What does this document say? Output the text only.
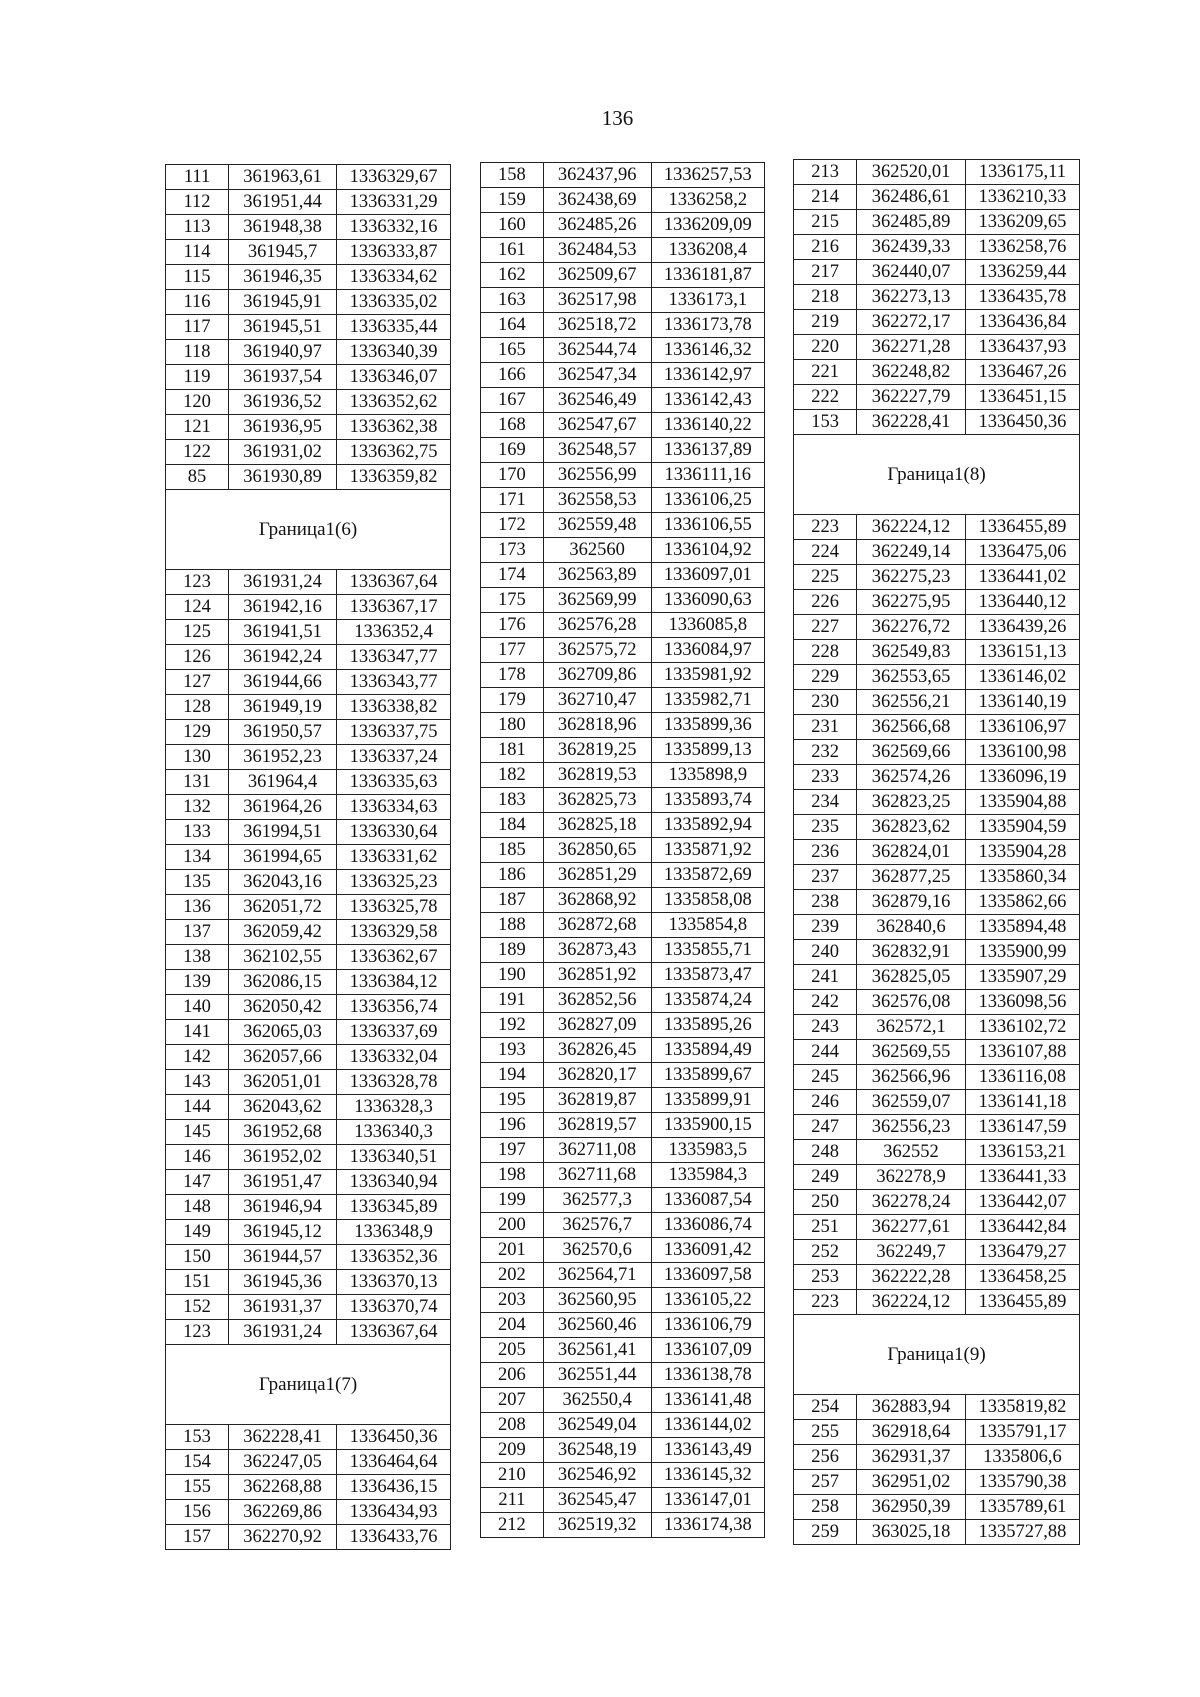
136
111	361963,61	1336329,67
112	361951,44	1336331,29
113	361948,38	1336332,16
114	361945,7	1336333,87
115	361946,35	1336334,62
116	361945,91	1336335,02
117	361945,51	1336335,44
118	361940,97	1336340,39
119	361937,54	1336346,07
120	361936,52	1336352,62
121	361936,95	1336362,38
122	361931,02	1336362,75
85	361930,89	1336359,82
Граница1(6)		
123	361931,24	1336367,64
124	361942,16	1336367,17
125	361941,51	1336352,4
126	361942,24	1336347,77
127	361944,66	1336343,77
128	361949,19	1336338,82
129	361950,57	1336337,75
130	361952,23	1336337,24
131	361964,4	1336335,63
132	361964,26	1336334,63
133	361994,51	1336330,64
134	361994,65	1336331,62
135	362043,16	1336325,23
136	362051,72	1336325,78
137	362059,42	1336329,58
138	362102,55	1336362,67
139	362086,15	1336384,12
140	362050,42	1336356,74
141	362065,03	1336337,69
142	362057,66	1336332,04
143	362051,01	1336328,78
144	362043,62	1336328,3
145	361952,68	1336340,3
146	361952,02	1336340,51
147	361951,47	1336340,94
148	361946,94	1336345,89
149	361945,12	1336348,9
150	361944,57	1336352,36
151	361945,36	1336370,13
152	361931,37	1336370,74
123	361931,24	1336367,64
Граница1(7)		
153	362228,41	1336450,36
154	362247,05	1336464,64
155	362268,88	1336436,15
156	362269,86	1336434,93
157	362270,92	1336433,76
158	362437,96	1336257,53
159	362438,69	1336258,2
160	362485,26	1336209,09
161	362484,53	1336208,4
162	362509,67	1336181,87
163	362517,98	1336173,1
164	362518,72	1336173,78
165	362544,74	1336146,32
166	362547,34	1336142,97
167	362546,49	1336142,43
168	362547,67	1336140,22
169	362548,57	1336137,89
170	362556,99	1336111,16
171	362558,53	1336106,25
172	362559,48	1336106,55
173	362560	1336104,92
174	362563,89	1336097,01
175	362569,99	1336090,63
176	362576,28	1336085,8
177	362575,72	1336084,97
178	362709,86	1335981,92
179	362710,47	1335982,71
180	362818,96	1335899,36
181	362819,25	1335899,13
182	362819,53	1335898,9
183	362825,73	1335893,74
184	362825,18	1335892,94
185	362850,65	1335871,92
186	362851,29	1335872,69
187	362868,92	1335858,08
188	362872,68	1335854,8
189	362873,43	1335855,71
190	362851,92	1335873,47
191	362852,56	1335874,24
192	362827,09	1335895,26
193	362826,45	1335894,49
194	362820,17	1335899,67
195	362819,87	1335899,91
196	362819,57	1335900,15
197	362711,08	1335983,5
198	362711,68	1335984,3
199	362577,3	1336087,54
200	362576,7	1336086,74
201	362570,6	1336091,42
202	362564,71	1336097,58
203	362560,95	1336105,22
204	362560,46	1336106,79
205	362561,41	1336107,09
206	362551,44	1336138,78
207	362550,4	1336141,48
208	362549,04	1336144,02
209	362548,19	1336143,49
210	362546,92	1336145,32
211	362545,47	1336147,01
212	362519,32	1336174,38
213	362520,01	1336175,11
214	362486,61	1336210,33
215	362485,89	1336209,65
216	362439,33	1336258,76
217	362440,07	1336259,44
218	362273,13	1336435,78
219	362272,17	1336436,84
220	362271,28	1336437,93
221	362248,82	1336467,26
222	362227,79	1336451,15
153	362228,41	1336450,36
Граница1(8)		
223	362224,12	1336455,89
224	362249,14	1336475,06
225	362275,23	1336441,02
226	362275,95	1336440,12
227	362276,72	1336439,26
228	362549,83	1336151,13
229	362553,65	1336146,02
230	362556,21	1336140,19
231	362566,68	1336106,97
232	362569,66	1336100,98
233	362574,26	1336096,19
234	362823,25	1335904,88
235	362823,62	1335904,59
236	362824,01	1335904,28
237	362877,25	1335860,34
238	362879,16	1335862,66
239	362840,6	1335894,48
240	362832,91	1335900,99
241	362825,05	1335907,29
242	362576,08	1336098,56
243	362572,1	1336102,72
244	362569,55	1336107,88
245	362566,96	1336116,08
246	362559,07	1336141,18
247	362556,23	1336147,59
248	362552	1336153,21
249	362278,9	1336441,33
250	362278,24	1336442,07
251	362277,61	1336442,84
252	362249,7	1336479,27
253	362222,28	1336458,25
223	362224,12	1336455,89
Граница1(9)		
254	362883,94	1335819,82
255	362918,64	1335791,17
256	362931,37	1335806,6
257	362951,02	1335790,38
258	362950,39	1335789,61
259	363025,18	1335727,88
